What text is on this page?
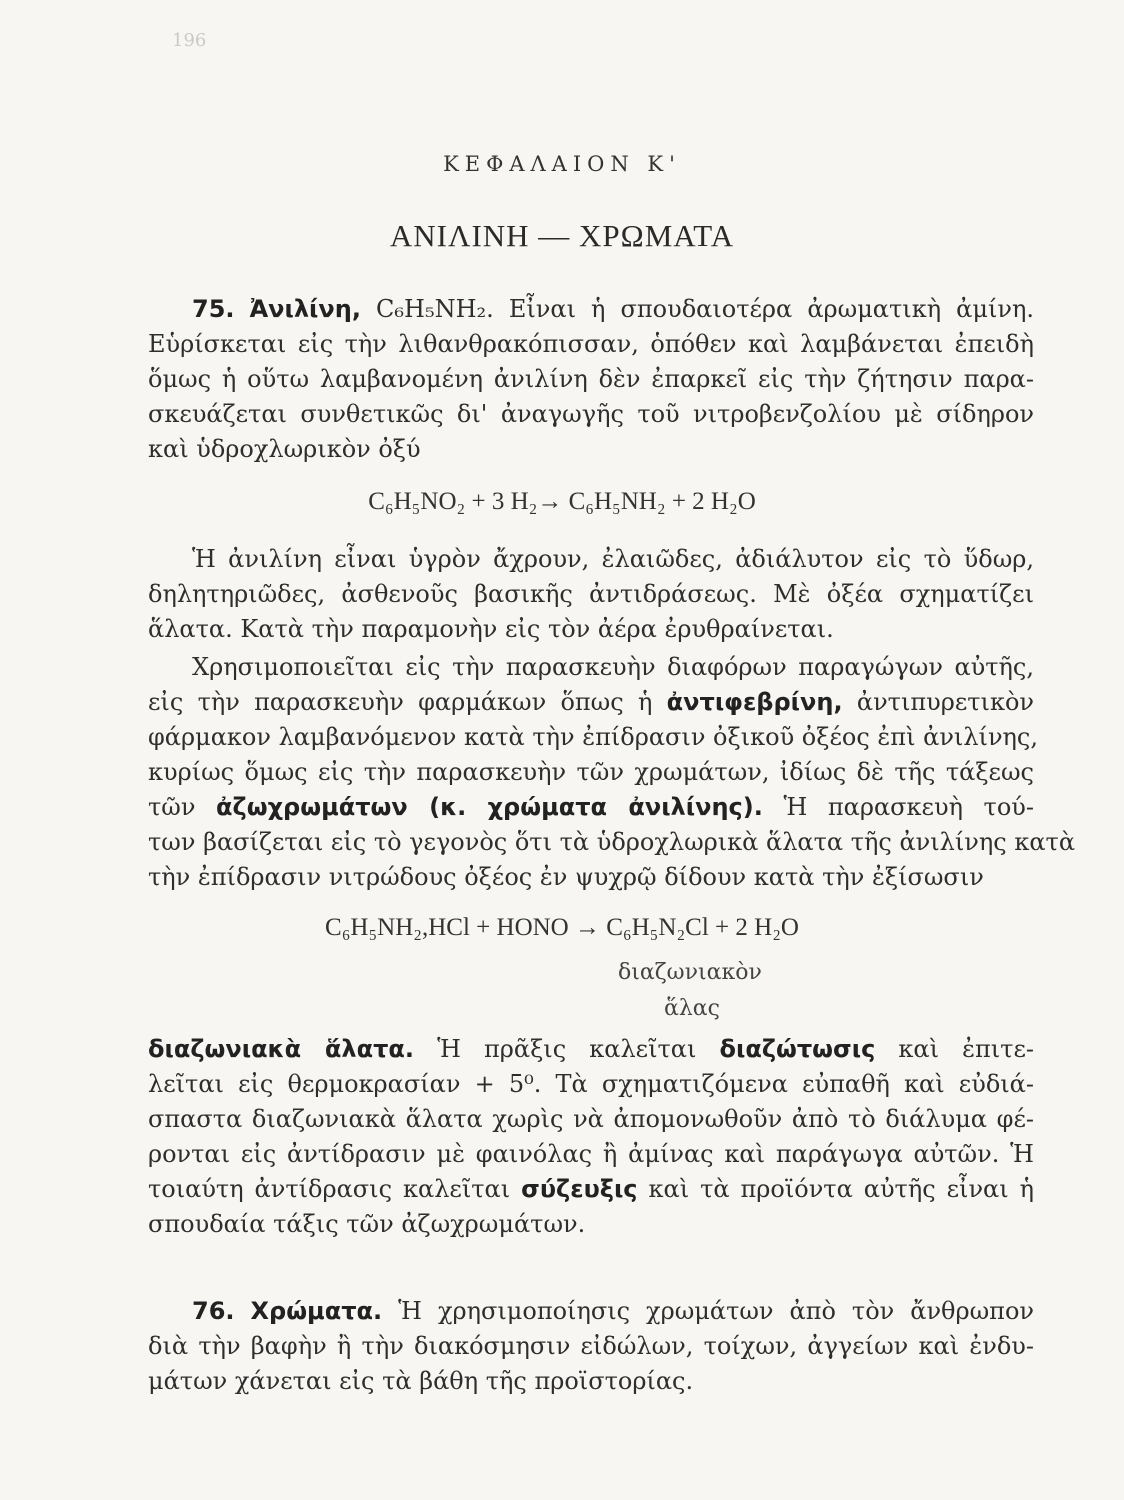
196
ΚΕΦΑΛΑΙΟΝ Κ'
ΑΝΙΛΙΝΗ — ΧΡΩΜΑΤΑ
75. Ἀνιλίνη, C₆H₅NH₂. Εἶναι ἡ σπουδαιοτέρα ἀρωματικὴ ἀμίνη.
Εὑρίσκεται εἰς τὴν λιθανθρακόπισσαν, ὁπόθεν καὶ λαμβάνεται ἐπειδὴ
ὅμως ἡ οὕτω λαμβανομένη ἀνιλίνη δὲν ἐπαρκεῖ εἰς τὴν ζήτησιν παρα-
σκευάζεται συνθετικῶς δι' ἀναγωγῆς τοῦ νιτροβενζολίου μὲ σίδηρον
καὶ ὑδροχλωρικὸν ὀξύ
C₆H₅NO₂ + 3 H₂→ C₆H₅NH₂ + 2 H₂O
Ἡ ἀνιλίνη εἶναι ὑγρὸν ἄχρουν, ἐλαιῶδες, ἀδιάλυτον εἰς τὸ ὕδωρ,
δηλητηριῶδες, ἀσθενοῦς βασικῆς ἀντιδράσεως. Μὲ ὀξέα σχηματίζει
ἅλατα. Κατὰ τὴν παραμονὴν εἰς τὸν ἀέρα ἐρυθραίνεται.
Χρησιμοποιεῖται εἰς τὴν παρασκευὴν διαφόρων παραγώγων αὐτῆς,
εἰς τὴν παρασκευὴν φαρμάκων ὅπως ἡ ἀντιφεβρίνη, ἀντιπυρετικὸν
φάρμακον λαμβανόμενον κατὰ τὴν ἐπίδρασιν ὀξικοῦ ὀξέος ἐπὶ ἀνιλίνης,
κυρίως ὅμως εἰς τὴν παρασκευὴν τῶν χρωμάτων, ἰδίως δὲ τῆς τάξεως
τῶν ἀζωχρωμάτων (κ. χρώματα ἀνιλίνης). Ἡ παρασκευὴ τού-
των βασίζεται εἰς τὸ γεγονὸς ὅτι τὰ ὑδροχλωρικὰ ἅλατα τῆς ἀνιλίνης κατὰ
τὴν ἐπίδρασιν νιτρώδους ὀξέος ἐν ψυχρῷ δίδουν κατὰ τὴν ἐξίσωσιν
C₆H₅NH₂,HCl + HONO → C₆H₅N₂Cl + 2 H₂O
διαζωνιακὸν
ἅλας
διαζωνιακὰ ἅλατα. Ἡ πρᾶξις καλεῖται διαζώτωσις καὶ ἐπιτε-
λεῖται εἰς θερμοκρασίαν + 5⁰. Τὰ σχηματιζόμενα εὐπαθῆ καὶ εὐδιά-
σπαστα διαζωνιακὰ ἅλατα χωρὶς νὰ ἀπομονωθοῦν ἀπὸ τὸ διάλυμα φέ-
ρονται εἰς ἀντίδρασιν μὲ φαινόλας ἢ ἀμίνας καὶ παράγωγα αὐτῶν. Ἡ
τοιαύτη ἀντίδρασις καλεῖται σύζευξις καὶ τὰ προϊόντα αὐτῆς εἶναι ἡ
σπουδαία τάξις τῶν ἀζωχρωμάτων.
76. Χρώματα. Ἡ χρησιμοποίησις χρωμάτων ἀπὸ τὸν ἄνθρωπον
διὰ τὴν βαφὴν ἢ τὴν διακόσμησιν εἰδώλων, τοίχων, ἀγγείων καὶ ἐνδυ-
μάτων χάνεται εἰς τὰ βάθη τῆς προϊστορίας.
